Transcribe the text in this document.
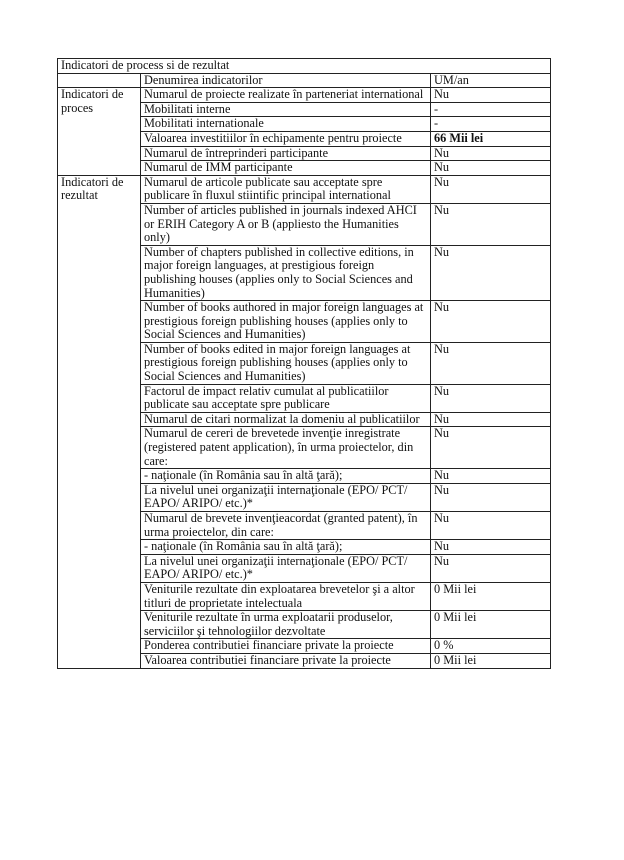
Indicatori de process si de rezultat		
	Denumirea indicatorilor	UM/an
Indicatori de proces	Numarul de proiecte realizate în parteneriat international	Nu
	Mobilitati interne	-
	Mobilitati internationale	-
	Valoarea investitiilor în echipamente pentru proiecte	66 Mii lei
	Numarul de întreprinderi participante	Nu
	Numarul de IMM participante	Nu
Indicatori de rezultat	Numarul de articole publicate sau acceptate spre publicare în fluxul stiintific principal international	Nu
	Number of articles published in journals indexed AHCI or ERIH Category A or B (appliesto the Humanities only)	Nu
	Number of chapters published in collective editions, in major foreign languages, at prestigious foreign publishing houses (applies only to Social Sciences and Humanities)	Nu
	Number of books authored in major foreign languages at prestigious foreign publishing houses (applies only to Social Sciences and Humanities)	Nu
	Number of books edited in major foreign languages at prestigious foreign publishing houses (applies only to Social Sciences and Humanities)	Nu
	Factorul de impact relativ cumulat al publicatiilor publicate sau acceptate spre publicare	Nu
	Numarul de citari normalizat la domeniu al publicatiilor	Nu
	Numarul de cereri de brevetede invenţie inregistrate (registered patent application), în urma proiectelor, din care:	Nu
	- naţionale (în România sau în altă ţară);	Nu
	La nivelul unei organizaţii internaţionale (EPO/ PCT/ EAPO/ ARIPO/ etc.)*	Nu
	Numarul de brevete invenţieacordat (granted patent), în urma proiectelor, din care:	Nu
	- naţionale (în România sau în altă ţară);	Nu
	La nivelul unei organizaţii internaţionale (EPO/ PCT/ EAPO/ ARIPO/ etc.)*	Nu
	Veniturile rezultate din exploatarea brevetelor şi a altor titluri de proprietate intelectuala	0 Mii lei
	Veniturile rezultate în urma exploatarii produselor, serviciilor şi tehnologiilor dezvoltate	0 Mii lei
	Ponderea contributiei financiare private la proiecte	0 %
	Valoarea contributiei financiare private la proiecte	0 Mii lei
